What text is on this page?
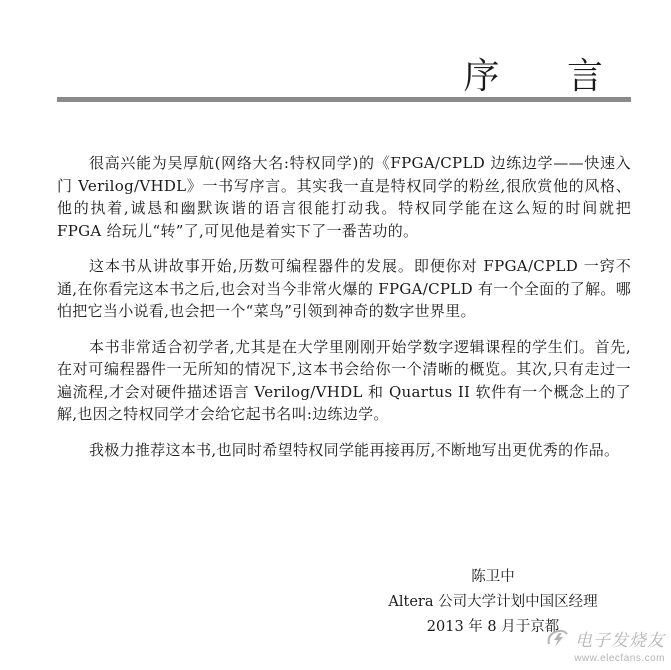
序 言

很高兴能为吴厚航(网络大名:特权同学)的《FPGA/CPLD 边练边学——快速入门 Verilog/VHDL》一书写序言。其实我一直是特权同学的粉丝,很欣赏他的风格、他的执着,诚恳和幽默诙谐的语言很能打动我。特权同学能在这么短的时间就把 FPGA 给玩儿“转”了,可见他是着实下了一番苦功的。

这本书从讲故事开始,历数可编程器件的发展。即便你对 FPGA/CPLD 一窍不通,在你看完这本书之后,也会对当今非常火爆的 FPGA/CPLD 有一个全面的了解。哪怕把它当小说看,也会把一个“菜鸟”引领到神奇的数字世界里。

本书非常适合初学者,尤其是在大学里刚刚开始学数字逻辑课程的学生们。首先,在对可编程器件一无所知的情况下,这本书会给你一个清晰的概览。其次,只有走过一遍流程,才会对硬件描述语言 Verilog/VHDL 和 Quartus II 软件有一个概念上的了解,也因之特权同学才会给它起书名叫:边练边学。

我极力推荐这本书,也同时希望特权同学能再接再厉,不断地写出更优秀的作品。

陈卫中
Altera 公司大学计划中国区经理
2013 年 8 月于京都
电子发烧友
www.elecfans.com
